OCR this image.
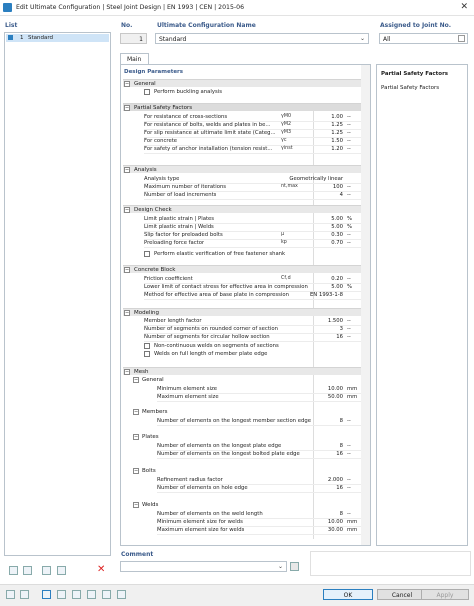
Edit Ultimate Configuration | Steel Joint Design | EN 1993 | CEN | 2015-06	✕
List
1 Standard
✕
No.
1
Ultimate Configuration Name
Standard	⌄
Assigned to Joint No.
All
Main
Design Parameters
− General
Perform buckling analysis
− Partial Safety Factors
For resistance of cross-sections	γM0	1.00 --
For resistance of bolts, welds and plates in be... γM2	1.25 --
For slip resistance at ultimate limit state (Categ... γM3	1.25 --
For concrete	γc	1.50 --
For safety of anchor installation (tension resist... γinst	1.20 --
− Analysis
Analysis type	Geometrically linear
Maximum number of iterations	nt,max	100 --
Number of load increments	4 --
− Design Check
Limit plastic strain | Plates	5.00 %
Limit plastic strain | Welds	5.00 %
Slip factor for preloaded bolts	μ	0.30 --
Preloading force factor	kp	0.70 --
Perform elastic verification of free fastener shank
− Concrete Block
Friction coefficient	Cf,d	0.20 --
Lower limit of contact stress for effective area in compression	5.00 %
Method for effective area of base plate in compression	EN 1993-1-8
− Modeling
Member length factor	1.500 --
Number of segments on rounded corner of section	3 --
Number of segments for circular hollow section	16 --
Non-continuous welds on segments of sections
Welds on full length of member plate edge
− Mesh
− General
Minimum element size	10.00 mm
Maximum element size	50.00 mm
− Members
Number of elements on the longest member section edge	8 --
− Plates
Number of elements on the longest plate edge	8 --
Number of elements on the longest bolted plate edge	16 --
− Bolts
Refinement radius factor	2.000 --
Number of elements on hole edge	16 --
− Welds
Number of elements on the weld length	8 --
Minimum element size for welds	10.00 mm
Maximum element size for welds	30.00 mm
Partial Safety Factors
Partial Safety Factors
Comment
⌄
OK	Cancel	Apply
